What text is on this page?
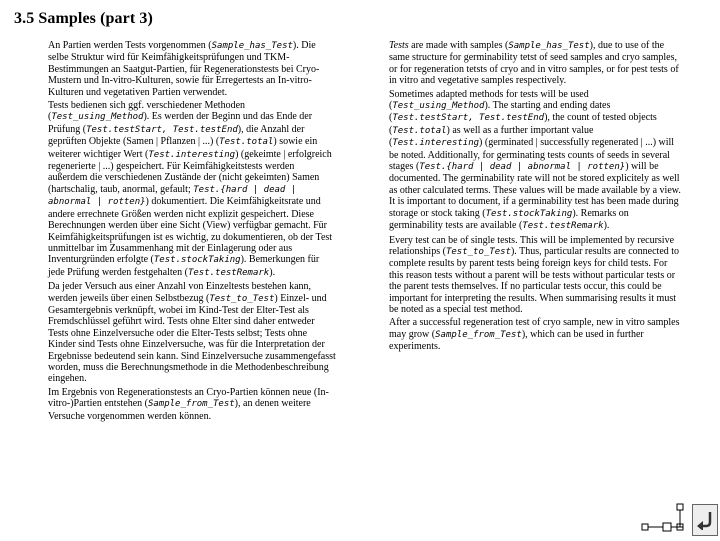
3.5 Samples (part 3)

An Partien werden Tests vorgenommen (Sample_has_Test). Die selbe Struktur wird für Keimfähigkeitsprüfungen und TKM-Bestimmungen an Saatgut-Partien, für Regenerationstests bei Cryo-Mustern und In-vitro-Kulturen, sowie für Erregertests an In-vitro-Kulturen und vegetativen Partien verwendet.

Tests bedienen sich ggf. verschiedener Methoden (Test_using_Method). Es werden der Beginn und das Ende der Prüfung (Test.testStart, Test.testEnd), die Anzahl der geprüften Objekte (Samen | Pflanzen | ...) (Test.total) sowie ein weiterer wichtiger Wert (Test.interesting) (gekeimte | erfolgreich regenerierte | ...) gespeichert. Für Keimfähigkeitstests werden außerdem die verschiedenen Zustände der (nicht gekeimten) Samen (hartschalig, taub, anormal, gefault; Test.{hard | dead | abnormal | rotten}) dokumentiert. Die Keimfähigkeitsrate und andere errechnete Größen werden nicht explizit gespeichert. Diese Berechnungen werden über eine Sicht (View) verfügbar gemacht. Für Keimfähigkeitsprüfungen ist es wichtig, zu dokumentieren, ob der Test unmittelbar im Zusammenhang mit der Einlagerung oder aus Inventurgründen erfolgte (Test.stockTaking). Bemerkungen für jede Prüfung werden festgehalten (Test.testRemark).

Da jeder Versuch aus einer Anzahl von Einzeltests bestehen kann, werden jeweils über einen Selbstbezug (Test_to_Test) Einzel- und Gesamtergebnis verknüpft, wobei im Kind-Test der Elter-Test als Fremdschlüssel geführt wird. Tests ohne Elter sind daher entweder Tests ohne Einzelversuche oder die Elter-Tests selbst; Tests ohne Kinder sind Tests ohne Einzelversuche, was für die Interpretation der Ergebnisse bedeutend sein kann. Sind Einzelversuche zusammengefasst worden, muss die Berechnungsmethode in die Methodenbeschreibung eingehen.

Im Ergebnis von Regenerationstests an Cryo-Partien können neue (In-vitro-)Partien entstehen (Sample_from_Test), an denen weitere Versuche vorgenommen werden können.

Tests are made with samples (Sample_has_Test), due to use of the same structure for germinability tetst of seed samples and cryo samples, or for regeneration tetsts of cryo and in vitro samples, or for pest tests of in vitro and vegetative samples respectively.

Sometimes adapted methods for tests will be used (Test_using_Method). The starting and ending dates (Test.testStart, Test.testEnd), the count of tested objects (Test.total) as well as a further important value (Test.interesting) (germinated | successfully regenerated | ...) will be noted. Additionally, for germinating tests counts of seeds in several stages (Test.{hard | dead | abnormal | rotten}) will be documented. The germinability rate will not be stored explicitely as well as other calculated terms. These values will be made available by a view. It is important to document, if a germinability test has been made during storage or stock taking (Test.stockTaking). Remarks on germinability tests are available (Test.testRemark).

Every test can be of single tests. This will be implemented by recursive relationships (Test_to_Test). Thus, particular results are connected to complete results by parent tests being foreign keys for child tests. For this reason tests without a parent will be tests without particular tests or the parent tests themselves. If no particular tests occur, this could be important for interpreting the results. When summarising results it must be noted as a special test method.

After a successful regeneration test of cryo sample, new in vitro samples may grow (Sample_from_Test), which can be used in further experiments.
